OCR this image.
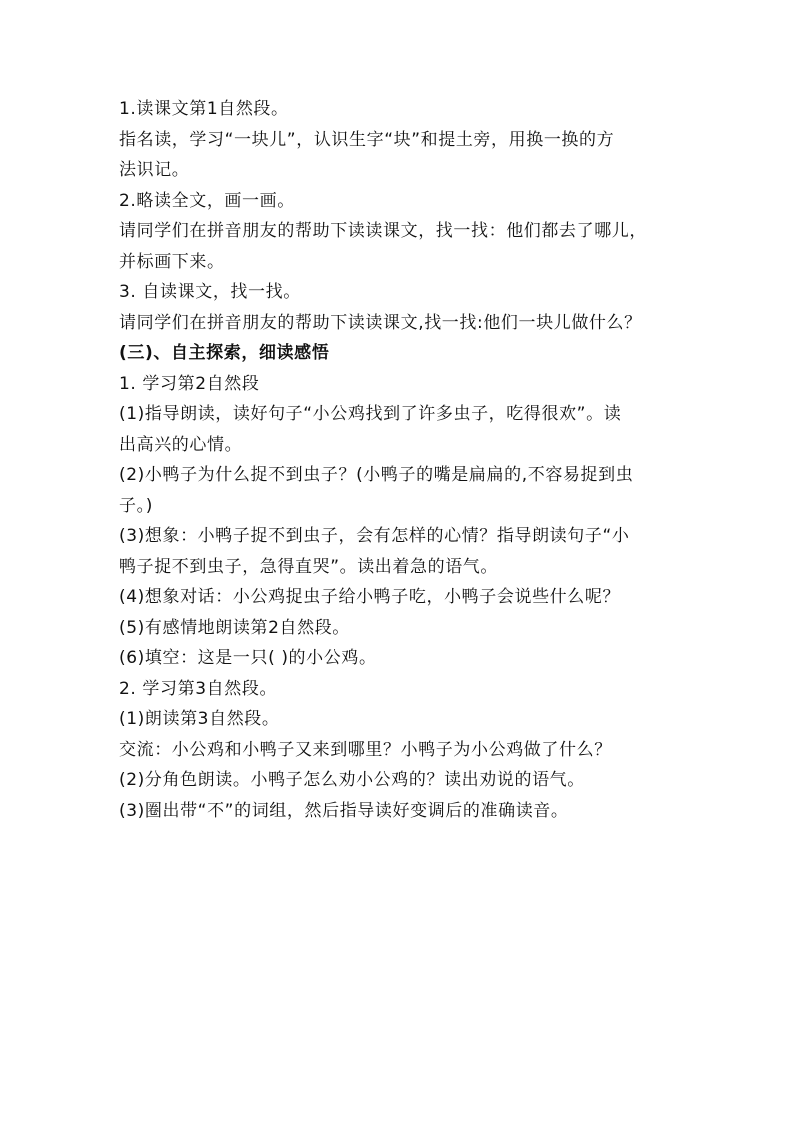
1.读课文第1自然段。
指名读，学习“一块儿”，认识生字“块”和提土旁，用换一换的方
法识记。
2.略读全文，画一画。
请同学们在拼音朋友的帮助下读读课文，找一找：他们都去了哪儿，
并标画下来。
3. 自读课文，找一找。
请同学们在拼音朋友的帮助下读读课文,找一找:他们一块儿做什么？
(三)、自主探索，细读感悟
1. 学习第2自然段
(1)指导朗读，读好句子“小公鸡找到了许多虫子，吃得很欢”。读
出高兴的心情。
(2)小鸭子为什么捉不到虫子？(小鸭子的嘴是扁扁的,不容易捉到虫
子。)
(3)想象：小鸭子捉不到虫子，会有怎样的心情？指导朗读句子“小
鸭子捉不到虫子，急得直哭”。读出着急的语气。
(4)想象对话：小公鸡捉虫子给小鸭子吃，小鸭子会说些什么呢？
(5)有感情地朗读第2自然段。
(6)填空：这是一只( )的小公鸡。
2. 学习第3自然段。
(1)朗读第3自然段。
交流：小公鸡和小鸭子又来到哪里？小鸭子为小公鸡做了什么？
(2)分角色朗读。小鸭子怎么劝小公鸡的？读出劝说的语气。
(3)圈出带“不”的词组，然后指导读好变调后的准确读音。
